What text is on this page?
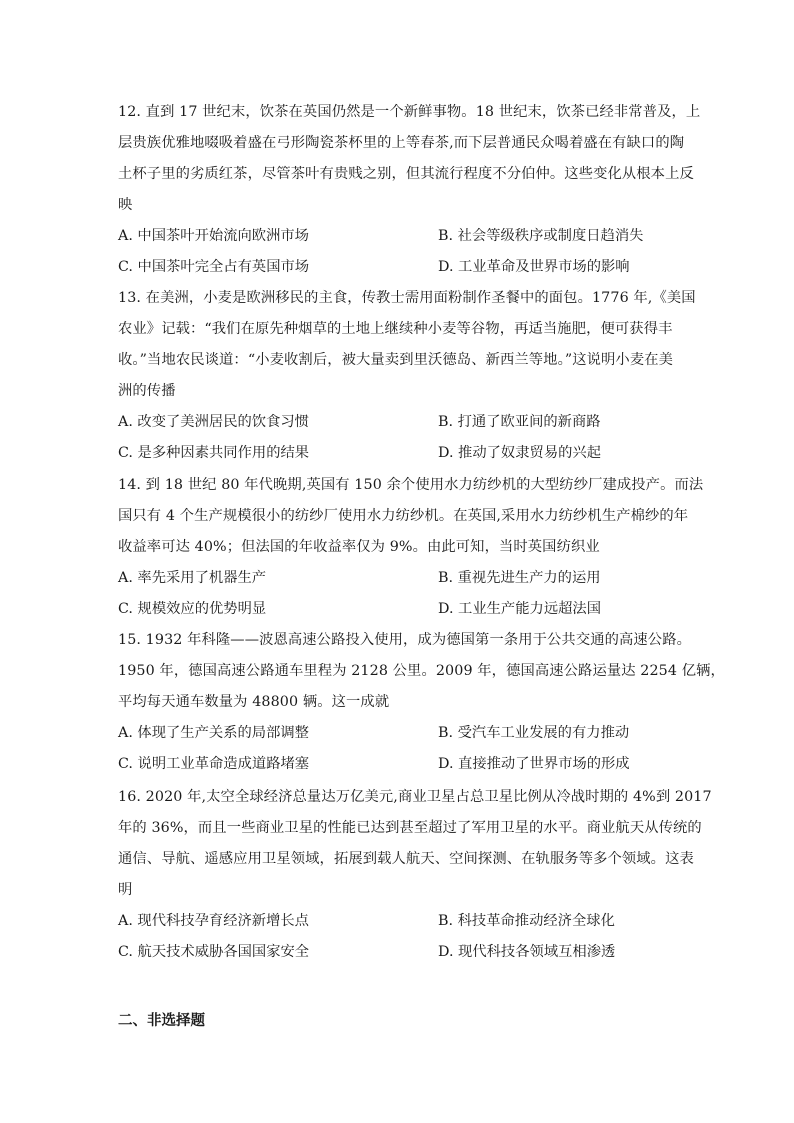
12. 直到 17 世纪末，饮茶在英国仍然是一个新鲜事物。18 世纪末，饮茶已经非常普及，上

层贵族优雅地啜吸着盛在弓形陶瓷茶杯里的上等春茶,而下层普通民众喝着盛在有缺口的陶

土杯子里的劣质红茶，尽管茶叶有贵贱之别，但其流行程度不分伯仲。这些变化从根本上反

映

A. 中国茶叶开始流向欧洲市场	B. 社会等级秩序或制度日趋消失
C. 中国茶叶完全占有英国市场	D. 工业革命及世界市场的影响

13. 在美洲，小麦是欧洲移民的主食，传教士需用面粉制作圣餐中的面包。1776 年,《美国

农业》记载：“我们在原先种烟草的土地上继续种小麦等谷物，再适当施肥，便可获得丰

收。”当地农民谈道：“小麦收割后，被大量卖到里沃德岛、新西兰等地。”这说明小麦在美

洲的传播

A. 改变了美洲居民的饮食习惯	B. 打通了欧亚间的新商路
C. 是多种因素共同作用的结果	D. 推动了奴隶贸易的兴起

14. 到 18 世纪 80 年代晚期,英国有 150 余个使用水力纺纱机的大型纺纱厂建成投产。而法

国只有 4 个生产规模很小的纺纱厂使用水力纺纱机。在英国,采用水力纺纱机生产棉纱的年

收益率可达 40%；但法国的年收益率仅为 9%。由此可知，当时英国纺织业

A. 率先采用了机器生产	B. 重视先进生产力的运用
C. 规模效应的优势明显	D. 工业生产能力远超法国

15. 1932 年科隆——波恩高速公路投入使用，成为德国第一条用于公共交通的高速公路。

1950 年，德国高速公路通车里程为 2128 公里。2009 年，德国高速公路运量达 2254 亿辆，

平均每天通车数量为 48800 辆。这一成就

A. 体现了生产关系的局部调整	B. 受汽车工业发展的有力推动
C. 说明工业革命造成道路堵塞	D. 直接推动了世界市场的形成

16. 2020 年,太空全球经济总量达万亿美元,商业卫星占总卫星比例从冷战时期的 4%到 2017

年的 36%，而且一些商业卫星的性能已达到甚至超过了军用卫星的水平。商业航天从传统的

通信、导航、遥感应用卫星领域，拓展到载人航天、空间探测、在轨服务等多个领域。这表

明

A. 现代科技孕育经济新增长点	B. 科技革命推动经济全球化
C. 航天技术威胁各国国家安全	D. 现代科技各领域互相渗透
二、非选择题
